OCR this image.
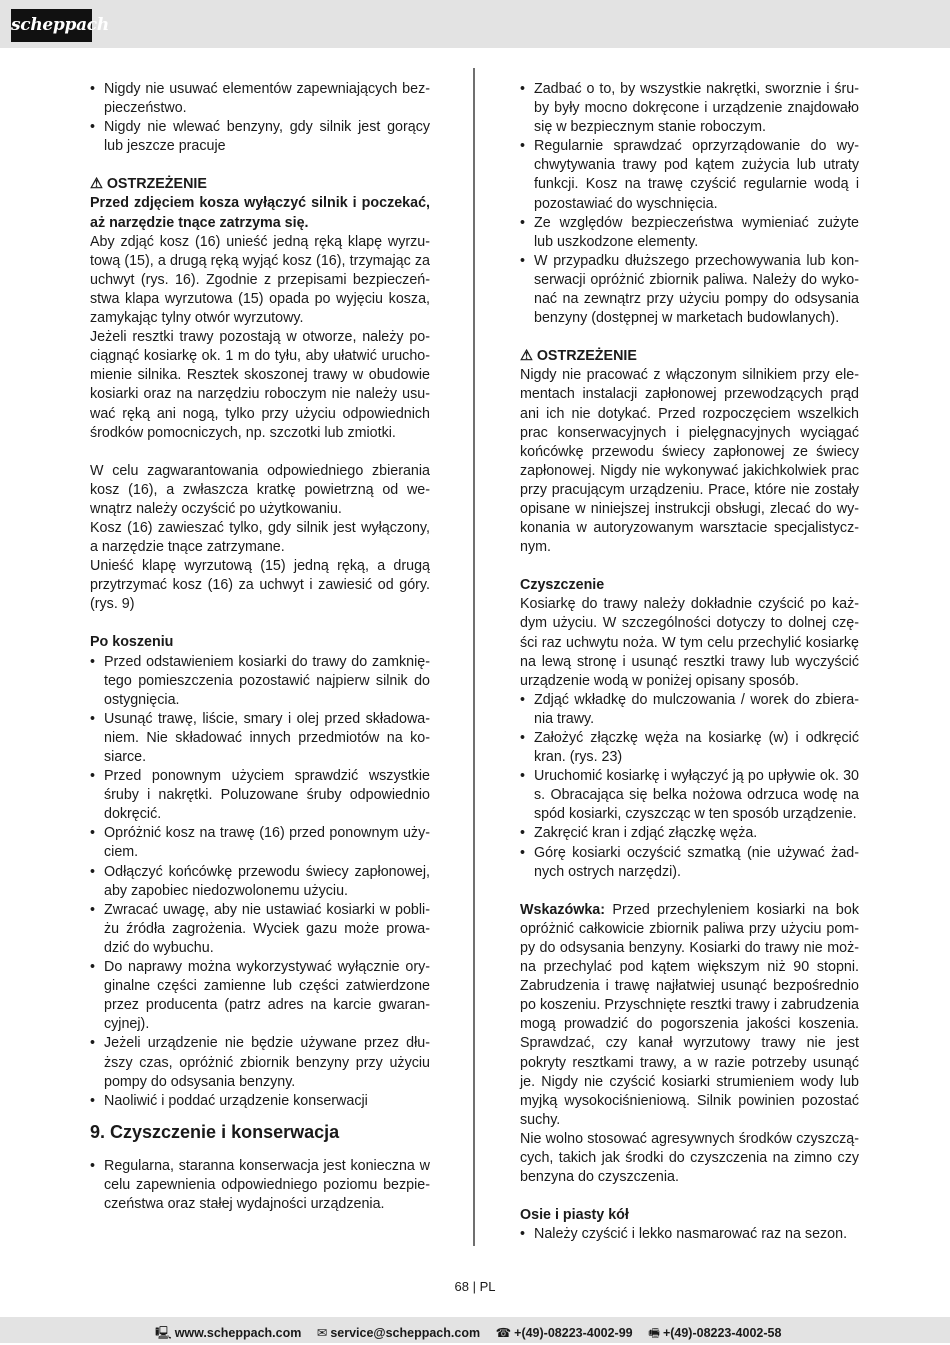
scheppach
• Nigdy nie usuwać elementów zapewniających bezpieczeństwo.
• Nigdy nie wlewać benzyny, gdy silnik jest gorący lub jeszcze pracuje

⚠ OSTRZEŻENIE

Przed zdjęciem kosza wyłączyć silnik i poczekać, aż narzędzie tnące zatrzyma się.

Aby zdjąć kosz (16) unieść jedną ręką klapę wyrzutową (15), a drugą ręką wyjąć kosz (16), trzymając za uchwyt (rys. 16). Zgodnie z przepisami bezpieczeństwa klapa wyrzutowa (15) opada po wyjęciu kosza, zamykając tylny otwór wyrzutowy.

Jeżeli resztki trawy pozostają w otworze, należy pociągnąć kosiarkę ok. 1 m do tyłu, aby ułatwić uruchomienie silnika. Resztek skoszonej trawy w obudowie kosiarki oraz na narzędziu roboczym nie należy usuwać ręką ani nogą, tylko przy użyciu odpowiednich środków pomocniczych, np. szczotki lub zmiotki.

W celu zagwarantowania odpowiedniego zbierania kosz (16), a zwłaszcza kratkę powietrzną od wewnątrz należy oczyścić po użytkowaniu.

Kosz (16) zawieszać tylko, gdy silnik jest wyłączony, a narzędzie tnące zatrzymane.

Unieść klapę wyrzutową (15) jedną ręką, a drugą przytrzymać kosz (16) za uchwyt i zawiesić od góry. (rys. 9)

Po koszeniu

• Przed odstawieniem kosiarki do trawy do zamkniętego pomieszczenia pozostawić najpierw silnik do ostygnięcia.
• Usunąć trawę, liście, smary i olej przed składowaniem. Nie składować innych przedmiotów na kosiarce.
• Przed ponownym użyciem sprawdzić wszystkie śruby i nakrętki. Poluzowane śruby odpowiednio dokręcić.
• Opróżnić kosz na trawę (16) przed ponownym użyciem.
• Odłączyć końcówkę przewodu świecy zapłonowej, aby zapobiec niedozwolonemu użyciu.
• Zwracać uwagę, aby nie ustawiać kosiarki w pobliżu źródła zagrożenia. Wyciek gazu może prowadzić do wybuchu.
• Do naprawy można wykorzystywać wyłącznie oryginalne części zamienne lub części zatwierdzone przez producenta (patrz adres na karcie gwarancyjnej).
• Jeżeli urządzenie nie będzie używane przez dłuższy czas, opróżnić zbiornik benzyny przy użyciu pompy do odsysania benzyny.
• Naoliwić i poddać urządzenie konserwacji
9. Czyszczenie i konserwacja
• Regularna, staranna konserwacja jest konieczna w celu zapewnienia odpowiedniego poziomu bezpieczeństwa oraz stałej wydajności urządzenia.
• Zadbać o to, by wszystkie nakrętki, sworznie i śruby były mocno dokręcone i urządzenie znajdowało się w bezpiecznym stanie roboczym.
• Regularnie sprawdzać oprzyrządowanie do wychwytywania trawy pod kątem zużycia lub utraty funkcji. Kosz na trawę czyścić regularnie wodą i pozostawiać do wyschnięcia.
• Ze względów bezpieczeństwa wymieniać zużyte lub uszkodzone elementy.
• W przypadku dłuższego przechowywania lub konserwacji opróżnić zbiornik paliwa. Należy do wykonać na zewnątrz przy użyciu pompy do odsysania benzyny (dostępnej w marketach budowlanych).

⚠ OSTRZEŻENIE

Nigdy nie pracować z włączonym silnikiem przy elementach instalacji zapłonowej przewodzących prąd ani ich nie dotykać. Przed rozpoczęciem wszelkich prac konserwacyjnych i pielęgnacyjnych wyciągać końcówkę przewodu świecy zapłonowej ze świecy zapłonowej. Nigdy nie wykonywać jakichkolwiek prac przy pracującym urządzeniu. Prace, które nie zostały opisane w niniejszej instrukcji obsługi, zlecać do wykonania w autoryzowanym warsztacie specjalistycznym.

Czyszczenie

Kosiarkę do trawy należy dokładnie czyścić po każdym użyciu. W szczególności dotyczy to dolnej części raz uchwytu noża. W tym celu przechylić kosiarkę na lewą stronę i usunąć resztki trawy lub wyczyścić urządzenie wodą w poniżej opisany sposób.

• Zdjąć wkładkę do mulczowania / worek do zbierania trawy.
• Założyć złączkę węża na kosiarkę (w) i odkręcić kran. (rys. 23)
• Uruchomić kosiarkę i wyłączyć ją po upływie ok. 30 s. Obracająca się belka nożowa odrzuca wodę na spód kosiarki, czyszcząc w ten sposób urządzenie.
• Zakręcić kran i zdjąć złączkę węża.
• Górę kosiarki oczyścić szmatką (nie używać żadnych ostrych narzędzi).

Wskazówka: Przed przechyleniem kosiarki na bok opróżnić całkowicie zbiornik paliwa przy użyciu pompy do odsysania benzyny. Kosiarki do trawy nie można przechylać pod kątem większym niż 90 stopni. Zabrudzenia i trawę najłatwiej usunąć bezpośrednio po koszeniu. Przyschnięte resztki trawy i zabrudzenia mogą prowadzić do pogorszenia jakości koszenia. Sprawdzać, czy kanał wyrzutowy trawy nie jest pokryty resztkami trawy, a w razie potrzeby usunąć je. Nigdy nie czyścić kosiarki strumieniem wody lub myjką wysokociśnieniową. Silnik powinien pozostać suchy.

Nie wolno stosować agresywnych środków czyszczących, takich jak środki do czyszczenia na zimno czy benzyna do czyszczenia.

Osie i piasty kół

• Należy czyścić i lekko nasmarować raz na sezon.
68 | PL
🖳 www.scheppach.com ✉ service@scheppach.com ☎ +(49)-08223-4002-99 🖷 +(49)-08223-4002-58
